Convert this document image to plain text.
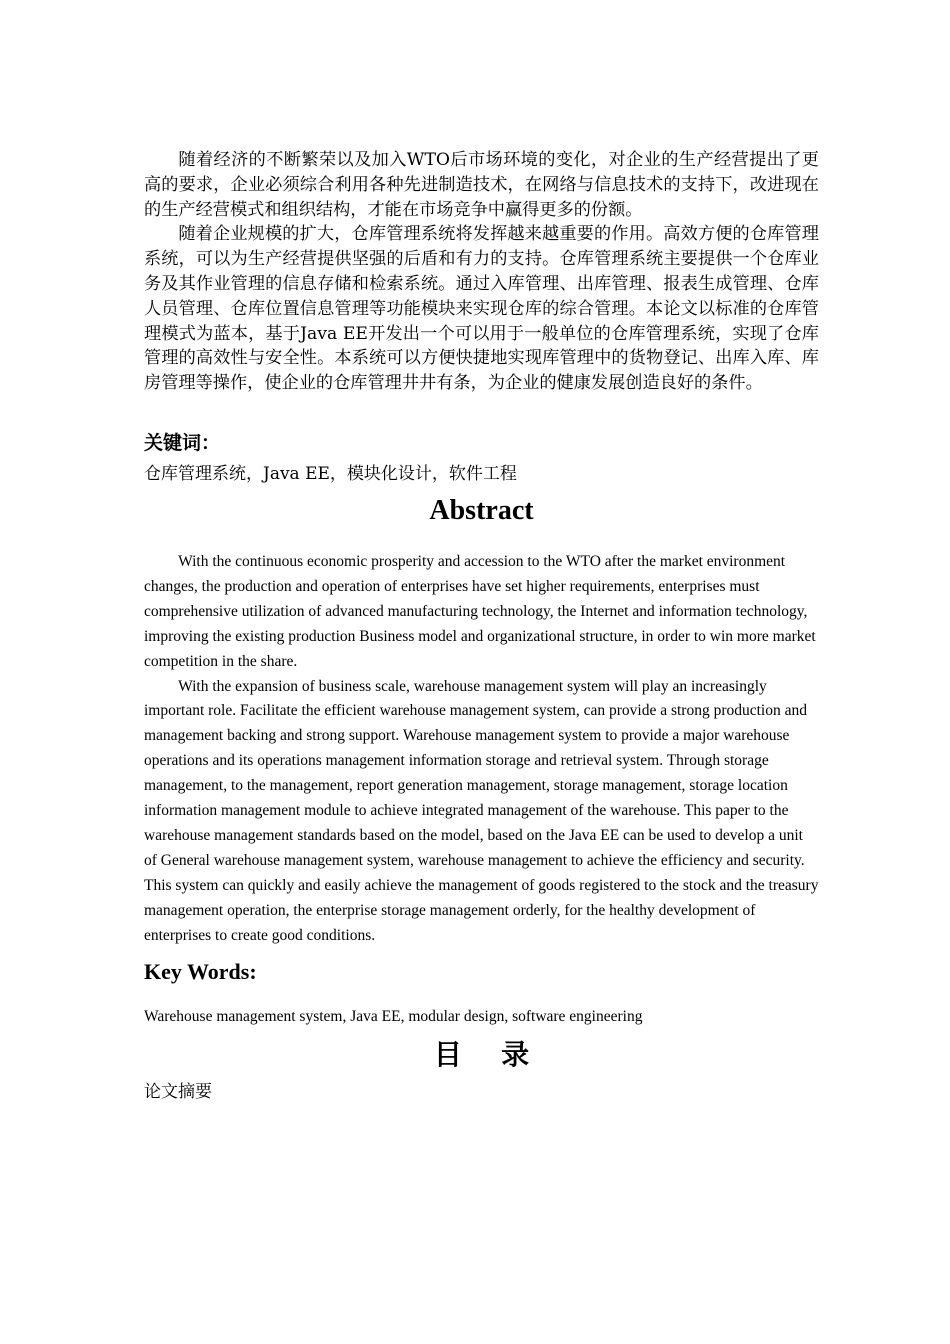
随着经济的不断繁荣以及加入WTO后市场环境的变化，对企业的生产经营提出了更高的要求，企业必须综合利用各种先进制造技术，在网络与信息技术的支持下，改进现在的生产经营模式和组织结构，才能在市场竞争中赢得更多的份额。

随着企业规模的扩大，仓库管理系统将发挥越来越重要的作用。高效方便的仓库管理系统，可以为生产经营提供坚强的后盾和有力的支持。仓库管理系统主要提供一个仓库业务及其作业管理的信息存储和检索系统。通过入库管理、出库管理、报表生成管理、仓库人员管理、仓库位置信息管理等功能模块来实现仓库的综合管理。本论文以标准的仓库管理模式为蓝本，基于Java EE开发出一个可以用于一般单位的仓库管理系统，实现了仓库管理的高效性与安全性。本系统可以方便快捷地实现库管理中的货物登记、出库入库、库房管理等操作，使企业的仓库管理井井有条，为企业的健康发展创造良好的条件。

关键词：

仓库管理系统，Java EE，模块化设计，软件工程

Abstract

With the continuous economic prosperity and accession to the WTO after the market environment changes, the production and operation of enterprises have set higher requirements, enterprises must comprehensive utilization of advanced manufacturing technology, the Internet and information technology, improving the existing production Business model and organizational structure, in order to win more market competition in the share.

With the expansion of business scale, warehouse management system will play an increasingly important role. Facilitate the efficient warehouse management system, can provide a strong production and management backing and strong support. Warehouse management system to provide a major warehouse operations and its operations management information storage and retrieval system. Through storage management, to the management, report generation management, storage management, storage location information management module to achieve integrated management of the warehouse. This paper to the warehouse management standards based on the model, based on the Java EE can be used to develop a unit of General warehouse management system, warehouse management to achieve the efficiency and security. This system can quickly and easily achieve the management of goods registered to the stock and the treasury management operation, the enterprise storage management orderly, for the healthy development of enterprises to create good conditions.

Key Words:

Warehouse management system, Java EE, modular design, software engineering

目录
论文摘要
